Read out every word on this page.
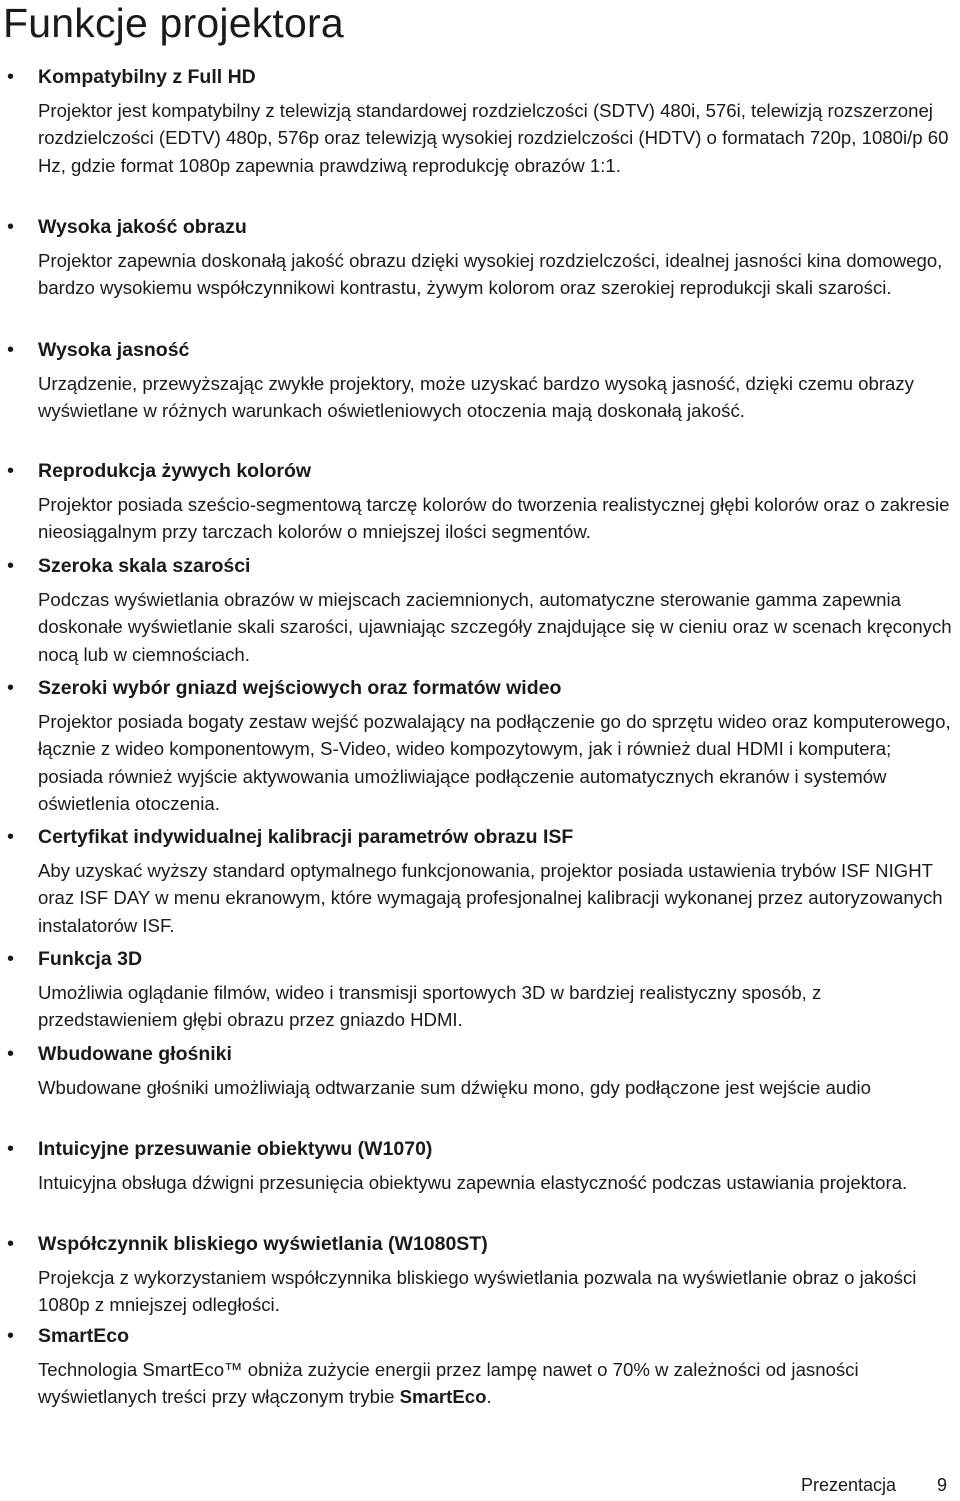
Funkcje projektora
• Kompatybilny z Full HD
Projektor jest kompatybilny z telewizją standardowej rozdzielczości (SDTV) 480i, 576i, telewizją rozszerzonej rozdzielczości (EDTV) 480p, 576p oraz telewizją wysokiej rozdzielczości (HDTV) o formatach 720p, 1080i/p 60 Hz, gdzie format 1080p zapewnia prawdziwą reprodukcję obrazów 1:1.
• Wysoka jakość obrazu
Projektor zapewnia doskonałą jakość obrazu dzięki wysokiej rozdzielczości, idealnej jasności kina domowego, bardzo wysokiemu współczynnikowi kontrastu, żywym kolorom oraz szerokiej reprodukcji skali szarości.
• Wysoka jasność
Urządzenie, przewyższając zwykłe projektory, może uzyskać bardzo wysoką jasność, dzięki czemu obrazy wyświetlane w różnych warunkach oświetleniowych otoczenia mają doskonałą jakość.
• Reprodukcja żywych kolorów
Projektor posiada sześcio-segmentową tarczę kolorów do tworzenia realistycznej głębi kolorów oraz o zakresie nieosiągalnym przy tarczach kolorów o mniejszej ilości segmentów.
• Szeroka skala szarości
Podczas wyświetlania obrazów w miejscach zaciemnionych, automatyczne sterowanie gamma zapewnia doskonałe wyświetlanie skali szarości, ujawniając szczegóły znajdujące się w cieniu oraz w scenach kręconych nocą lub w ciemnościach.
• Szeroki wybór gniazd wejściowych oraz formatów wideo
Projektor posiada bogaty zestaw wejść pozwalający na podłączenie go do sprzętu wideo oraz komputerowego, łącznie z wideo komponentowym, S-Video, wideo kompozytowym, jak i również dual HDMI i komputera; posiada również wyjście aktywowania umożliwiające podłączenie automatycznych ekranów i systemów oświetlenia otoczenia.
• Certyfikat indywidualnej kalibracji parametrów obrazu ISF
Aby uzyskać wyższy standard optymalnego funkcjonowania, projektor posiada ustawienia trybów ISF NIGHT oraz ISF DAY w menu ekranowym, które wymagają profesjonalnej kalibracji wykonanej przez autoryzowanych instalatorów ISF.
• Funkcja 3D
Umożliwia oglądanie filmów, wideo i transmisji sportowych 3D w bardziej realistyczny sposób, z przedstawieniem głębi obrazu przez gniazdo HDMI.
• Wbudowane głośniki
Wbudowane głośniki umożliwiają odtwarzanie sum dźwięku mono, gdy podłączone jest wejście audio
• Intuicyjne przesuwanie obiektywu (W1070)
Intuicyjna obsługa dźwigni przesunięcia obiektywu zapewnia elastyczność podczas ustawiania projektora.
• Współczynnik bliskiego wyświetlania (W1080ST)
Projekcja z wykorzystaniem współczynnika bliskiego wyświetlania pozwala na wyświetlanie obraz o jakości 1080p z mniejszej odległości.
• SmartEco
Technologia SmartEco™ obniża zużycie energii przez lampę nawet o 70% w zależności od jasności wyświetlanych treści przy włączonym trybie SmartEco.
Prezentacja 9
